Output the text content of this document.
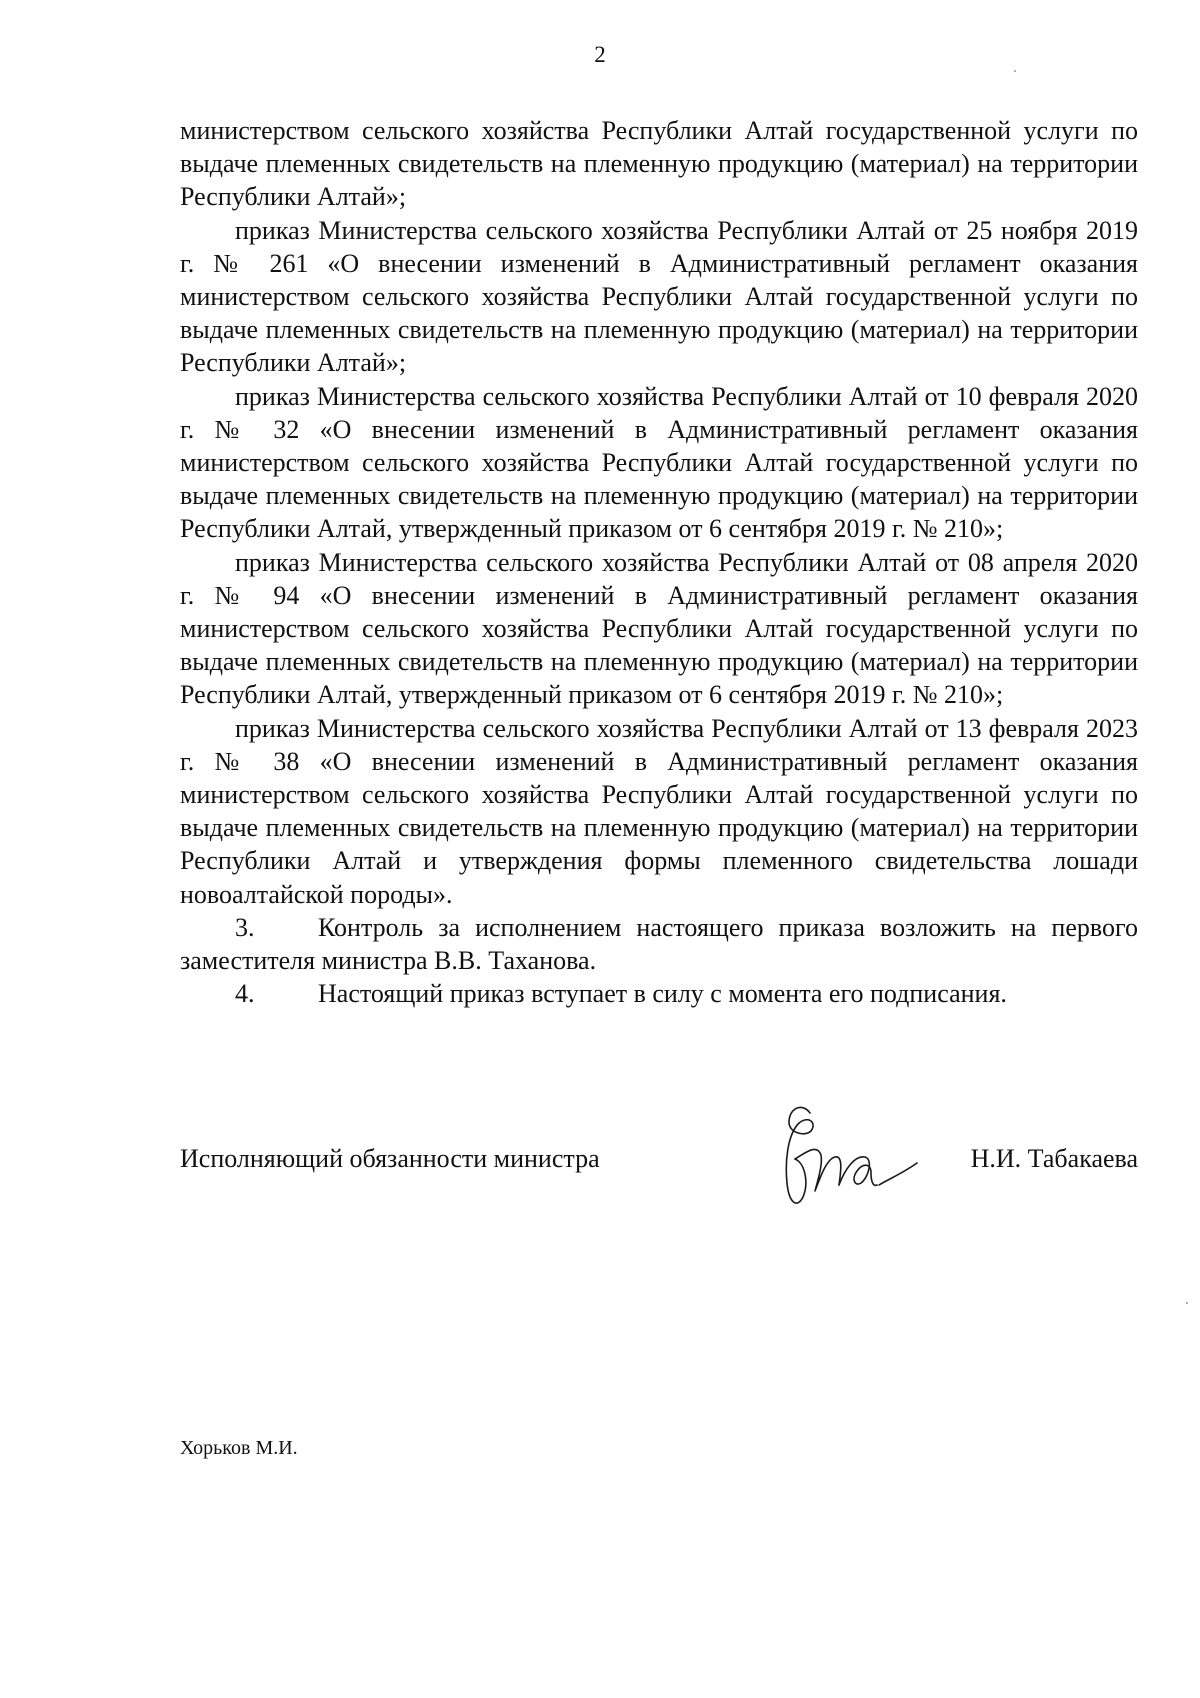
2

министерством сельского хозяйства Республики Алтай государственной услуги по выдаче племенных свидетельств на племенную продукцию (материал) на территории Республики Алтай»;

приказ Министерства сельского хозяйства Республики Алтай от 25 ноября 2019 г. № 261 «О внесении изменений в Административный регламент оказания министерством сельского хозяйства Республики Алтай государственной услуги по выдаче племенных свидетельств на племенную продукцию (материал) на территории Республики Алтай»;

приказ Министерства сельского хозяйства Республики Алтай от 10 февраля 2020 г. № 32 «О внесении изменений в Административный регламент оказания министерством сельского хозяйства Республики Алтай государственной услуги по выдаче племенных свидетельств на племенную продукцию (материал) на территории Республики Алтай, утвержденный приказом от 6 сентября 2019 г. № 210»;

приказ Министерства сельского хозяйства Республики Алтай от 08 апреля 2020 г. № 94 «О внесении изменений в Административный регламент оказания министерством сельского хозяйства Республики Алтай государственной услуги по выдаче племенных свидетельств на племенную продукцию (материал) на территории Республики Алтай, утвержденный приказом от 6 сентября 2019 г. № 210»;

приказ Министерства сельского хозяйства Республики Алтай от 13 февраля 2023 г. № 38 «О внесении изменений в Административный регламент оказания министерством сельского хозяйства Республики Алтай государственной услуги по выдаче племенных свидетельств на племенную продукцию (материал) на территории Республики Алтай и утверждения формы племенного свидетельства лошади новоалтайской породы».

3. Контроль за исполнением настоящего приказа возложить на первого заместителя министра В.В. Таханова.

4. Настоящий приказ вступает в силу с момента его подписания.

Исполняющий обязанности министра	Н.И. Табакаева
Хорьков М.И.
